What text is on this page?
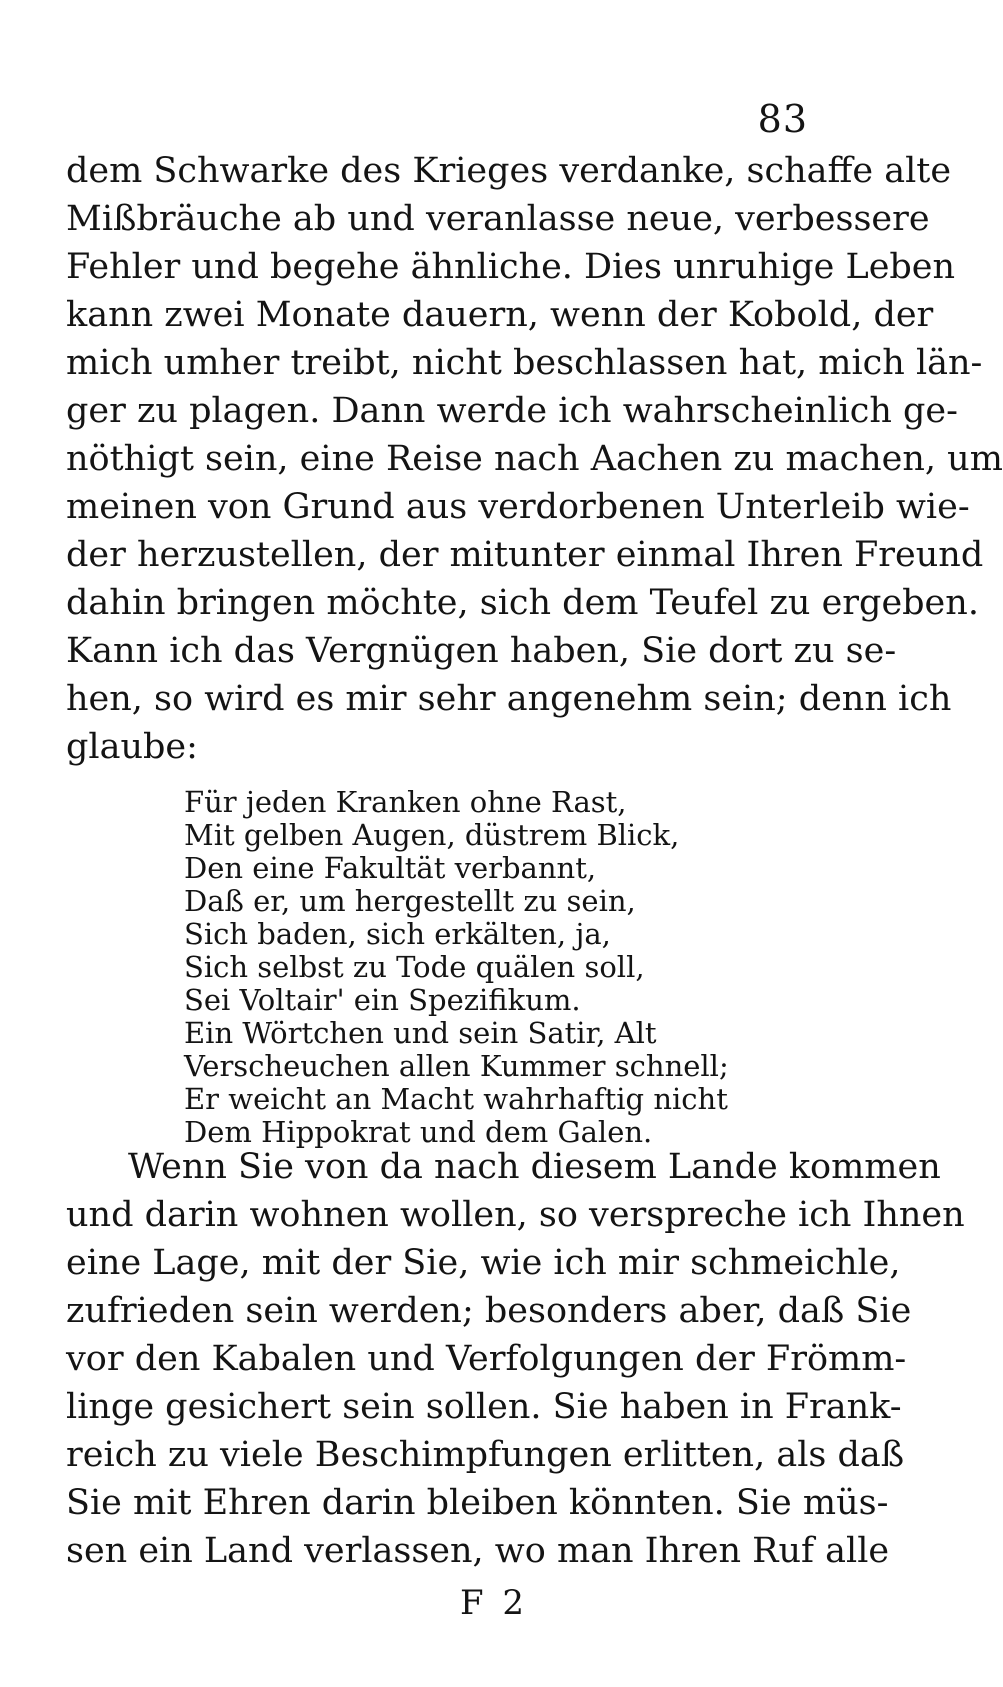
83
dem Schwarke des Krieges verdanke, schaffe alte
Mißbräuche ab und veranlasse neue, verbessere
Fehler und begehe ähnliche. Dies unruhige Leben
kann zwei Monate dauern, wenn der Kobold, der
mich umher treibt, nicht beschlassen hat, mich län-
ger zu plagen. Dann werde ich wahrscheinlich ge-
nöthigt sein, eine Reise nach Aachen zu machen, um
meinen von Grund aus verdorbenen Unterleib wie-
der herzustellen, der mitunter einmal Ihren Freund
dahin bringen möchte, sich dem Teufel zu ergeben.
Kann ich das Vergnügen haben, Sie dort zu se-
hen, so wird es mir sehr angenehm sein; denn ich
glaube:
Für jeden Kranken ohne Rast,
Mit gelben Augen, düstrem Blick,
Den eine Fakultät verbannt,
Daß er, um hergestellt zu sein,
Sich baden, sich erkälten, ja,
Sich selbst zu Tode quälen soll,
Sei Voltair' ein Spezifikum.
Ein Wörtchen und sein Satir, Alt
Verscheuchen allen Kummer schnell;
Er weicht an Macht wahrhaftig nicht
Dem Hippokrat und dem Galen.
Wenn Sie von da nach diesem Lande kommen
und darin wohnen wollen, so verspreche ich Ihnen
eine Lage, mit der Sie, wie ich mir schmeichle,
zufrieden sein werden; besonders aber, daß Sie
vor den Kabalen und Verfolgungen der Frömm-
linge gesichert sein sollen. Sie haben in Frank-
reich zu viele Beschimpfungen erlitten, als daß
Sie mit Ehren darin bleiben könnten. Sie müs-
sen ein Land verlassen, wo man Ihren Ruf alle
F 2
